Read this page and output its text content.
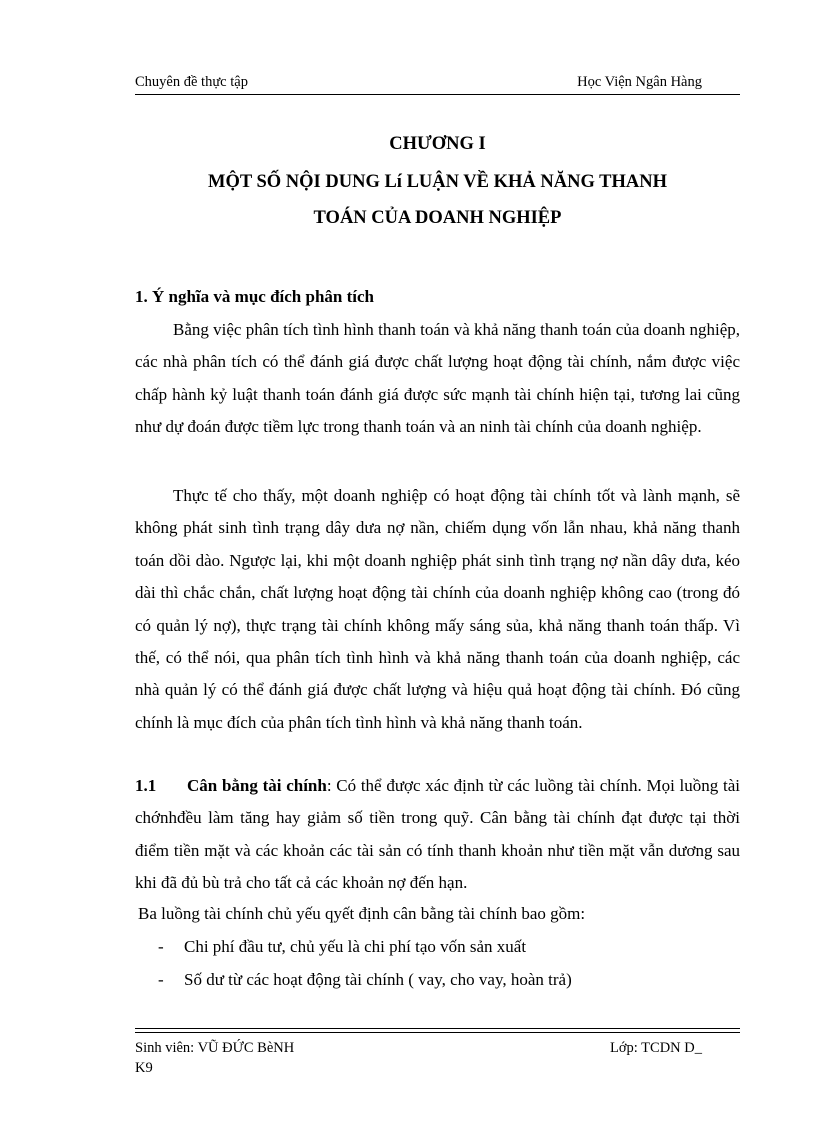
Chuyên đề thực tập	Học Viện Ngân Hàng
CHƯƠNG I
MỘT SỐ NỘI DUNG Lí LUẬN VỀ KHẢ NĂNG THANH
TOÁN CỦA DOANH NGHIỆP
1. Ý nghĩa và mục đích phân tích
Bằng việc phân tích tình hình thanh toán và khả năng thanh toán của doanh nghiệp, các nhà phân tích có thể đánh giá được chất lượng hoạt động tài chính, nắm được việc chấp hành kỷ luật thanh toán đánh giá được sức mạnh tài chính hiện tại, tương lai cũng như dự đoán được tiềm lực trong thanh toán và an ninh tài chính của doanh nghiệp.
Thực tế cho thấy, một doanh nghiệp có hoạt động tài chính tốt và lành mạnh, sẽ không phát sinh tình trạng dây dưa nợ nần, chiếm dụng vốn lẫn nhau, khả năng thanh toán dồi dào. Ngược lại, khi một doanh nghiệp phát sinh tình trạng nợ nần dây dưa, kéo dài thì chắc chắn, chất lượng hoạt động tài chính của doanh nghiệp không cao (trong đó có quản lý nợ), thực trạng tài chính không mấy sáng sủa, khả năng thanh toán thấp. Vì thế, có thể nói, qua phân tích tình hình và khả năng thanh toán của doanh nghiệp, các nhà quản lý có thể đánh giá được chất lượng và hiệu quả hoạt động tài chính. Đó cũng chính là mục đích của phân tích tình hình và khả năng thanh toán.
1.1 Cân bằng tài chính: Có thể được xác định từ các luồng tài chính. Mọi luồng tài chớnhđều làm tăng hay giảm số tiền trong quỹ. Cân bằng tài chính đạt được tại thời điểm tiền mặt và các khoản các tài sản có tính thanh khoản như tiền mặt vẫn dương sau khi đã đủ bù trả cho tất cả các khoản nợ đến hạn.
Ba luồng tài chính chủ yếu qyết định cân bằng tài chính bao gồm:
- Chi phí đầu tư, chủ yếu là chi phí tạo vốn sản xuất
- Số dư từ các hoạt động tài chính ( vay, cho vay, hoàn trả)
Sinh viên: VŨ ĐỨC BèNH	Lớp: TCDN D_
K9
